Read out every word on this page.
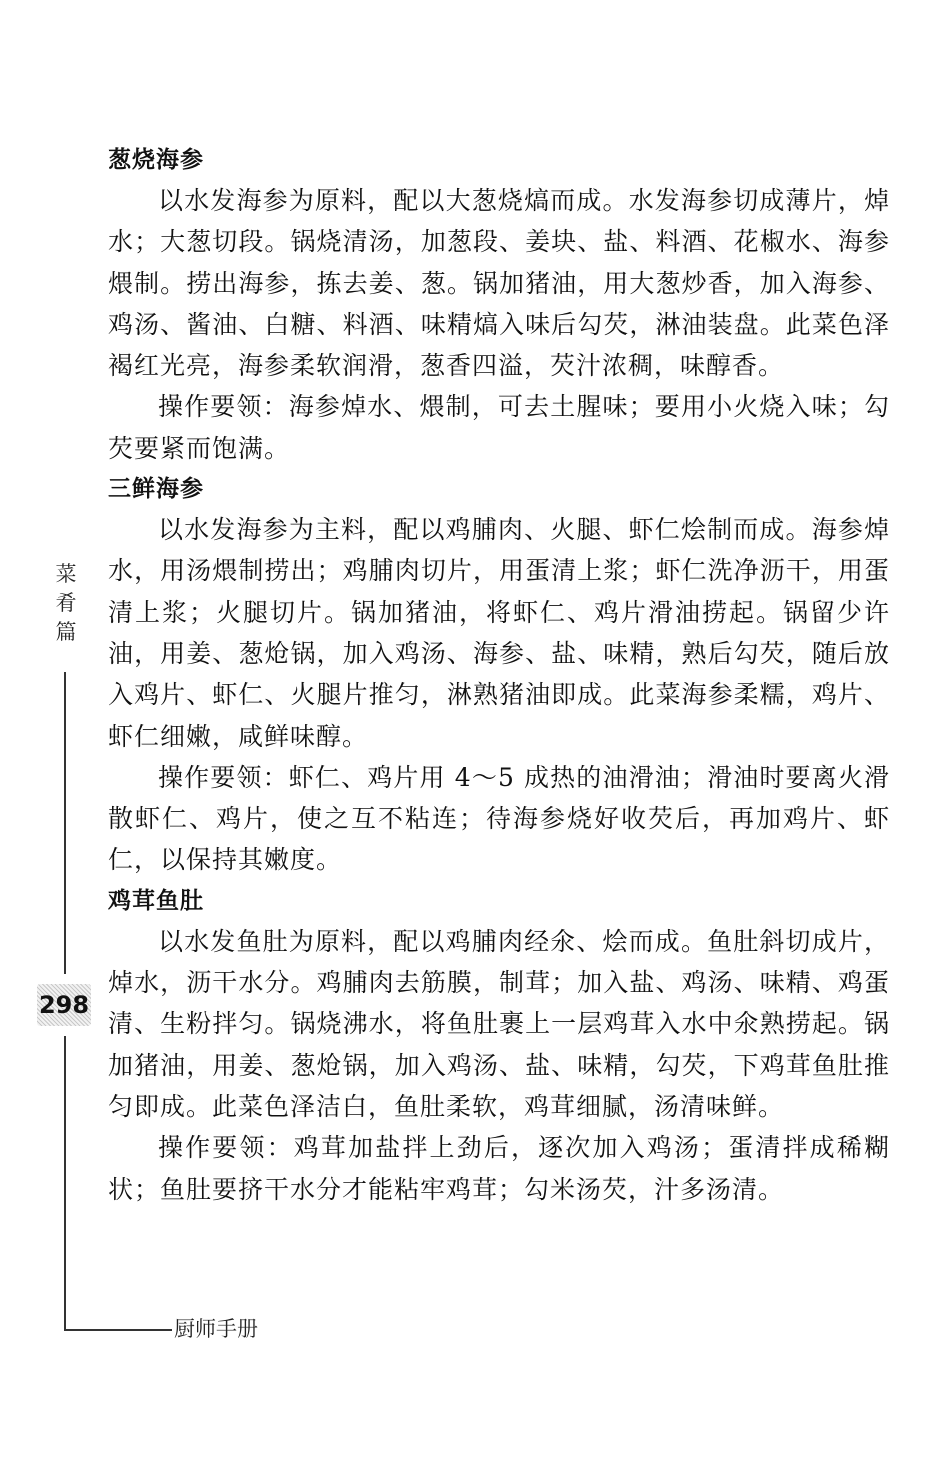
葱烧海参

以水发海参为原料，配以大葱烧熇而成。水发海参切成薄片，焯水；大葱切段。锅烧清汤，加葱段、姜块、盐、料酒、花椒水、海参煨制。捞出海参，拣去姜、葱。锅加猪油，用大葱炒香，加入海参、鸡汤、酱油、白糖、料酒、味精熇入味后勾芡，淋油装盘。此菜色泽褐红光亮，海参柔软润滑，葱香四溢，芡汁浓稠，味醇香。

操作要领：海参焯水、煨制，可去土腥味；要用小火烧入味；勾芡要紧而饱满。

三鲜海参

以水发海参为主料，配以鸡脯肉、火腿、虾仁烩制而成。海参焯水，用汤煨制捞出；鸡脯肉切片，用蛋清上浆；虾仁洗净沥干，用蛋清上浆；火腿切片。锅加猪油，将虾仁、鸡片滑油捞起。锅留少许油，用姜、葱炝锅，加入鸡汤、海参、盐、味精，熟后勾芡，随后放入鸡片、虾仁、火腿片推匀，淋熟猪油即成。此菜海参柔糯，鸡片、虾仁细嫩，咸鲜味醇。

操作要领：虾仁、鸡片用 4～5 成热的油滑油；滑油时要离火滑散虾仁、鸡片，使之互不粘连；待海参烧好收芡后，再加鸡片、虾仁，以保持其嫩度。

鸡茸鱼肚

以水发鱼肚为原料，配以鸡脯肉经氽、烩而成。鱼肚斜切成片，焯水，沥干水分。鸡脯肉去筋膜，制茸；加入盐、鸡汤、味精、鸡蛋清、生粉拌匀。锅烧沸水，将鱼肚裹上一层鸡茸入水中氽熟捞起。锅加猪油，用姜、葱炝锅，加入鸡汤、盐、味精，勾芡，下鸡茸鱼肚推匀即成。此菜色泽洁白，鱼肚柔软，鸡茸细腻，汤清味鲜。

操作要领：鸡茸加盐拌上劲后，逐次加入鸡汤；蛋清拌成稀糊状；鱼肚要挤干水分才能粘牢鸡茸；勾米汤芡，汁多汤清。

菜
肴
篇
298
厨师手册
